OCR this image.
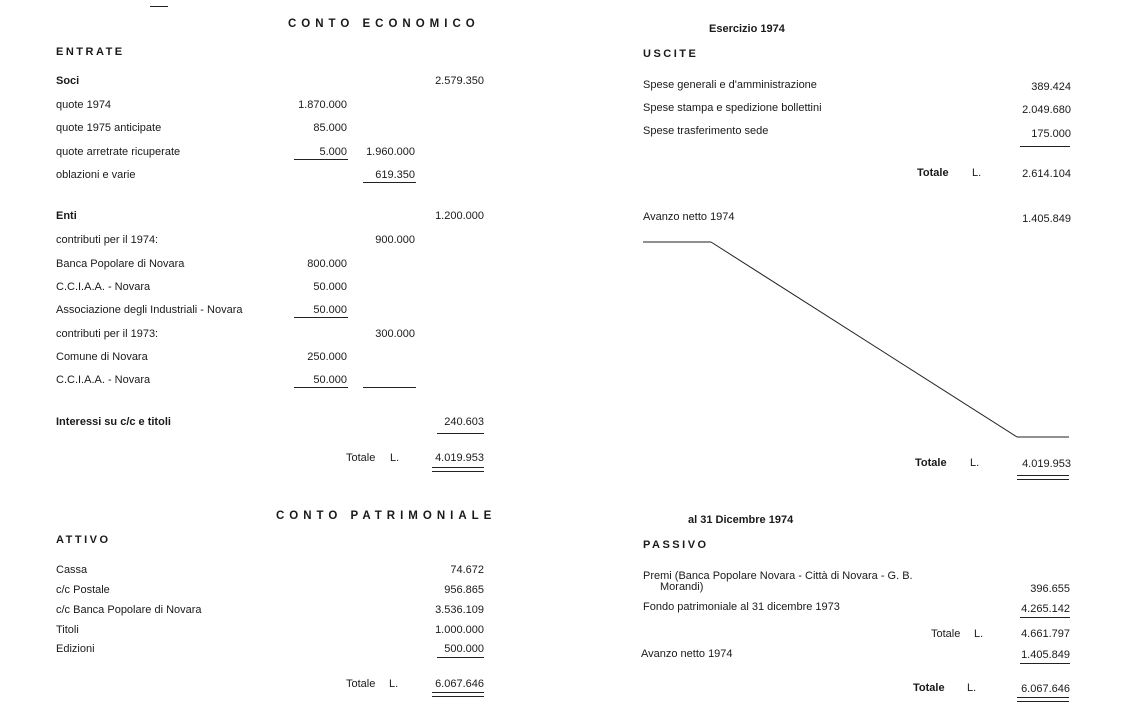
CONTO ECONOMICO	Esercizio 1974
ENTRATE
Soci	2.579.350
quote 1974	1.870.000
quote 1975 anticipate	85.000
quote arretrate ricuperate	5.000	1.960.000
oblazioni e varie	619.350
Enti	1.200.000
contributi per il 1974:	900.000
Banca Popolare di Novara	800.000
C.C.I.A.A. - Novara	50.000
Associazione degli Industriali - Novara	50.000
contributi per il 1973:	300.000
Comune di Novara	250.000
C.C.I.A.A. - Novara	50.000
Interessi su c/c e titoli	240.603
Totale L.	4.019.953
USCITE
Spese generali e d'amministrazione	389.424
Spese stampa e spedizione bollettini	2.049.680
Spese trasferimento sede	175.000
Totale L.	2.614.104
Avanzo netto 1974	1.405.849
Totale L.	4.019.953
CONTO PATRIMONIALE	al 31 Dicembre 1974
ATTIVO
Cassa	74.672
c/c Postale	956.865
c/c Banca Popolare di Novara	3.536.109
Titoli	1.000.000
Edizioni	500.000
Totale L.	6.067.646
PASSIVO
Premi (Banca Popolare Novara - Città di Novara - G. B.
Morandi)	396.655
Fondo patrimoniale al 31 dicembre 1973	4.265.142
Totale L.	4.661.797
Avanzo netto 1974	1.405.849
Totale L.	6.067.646
